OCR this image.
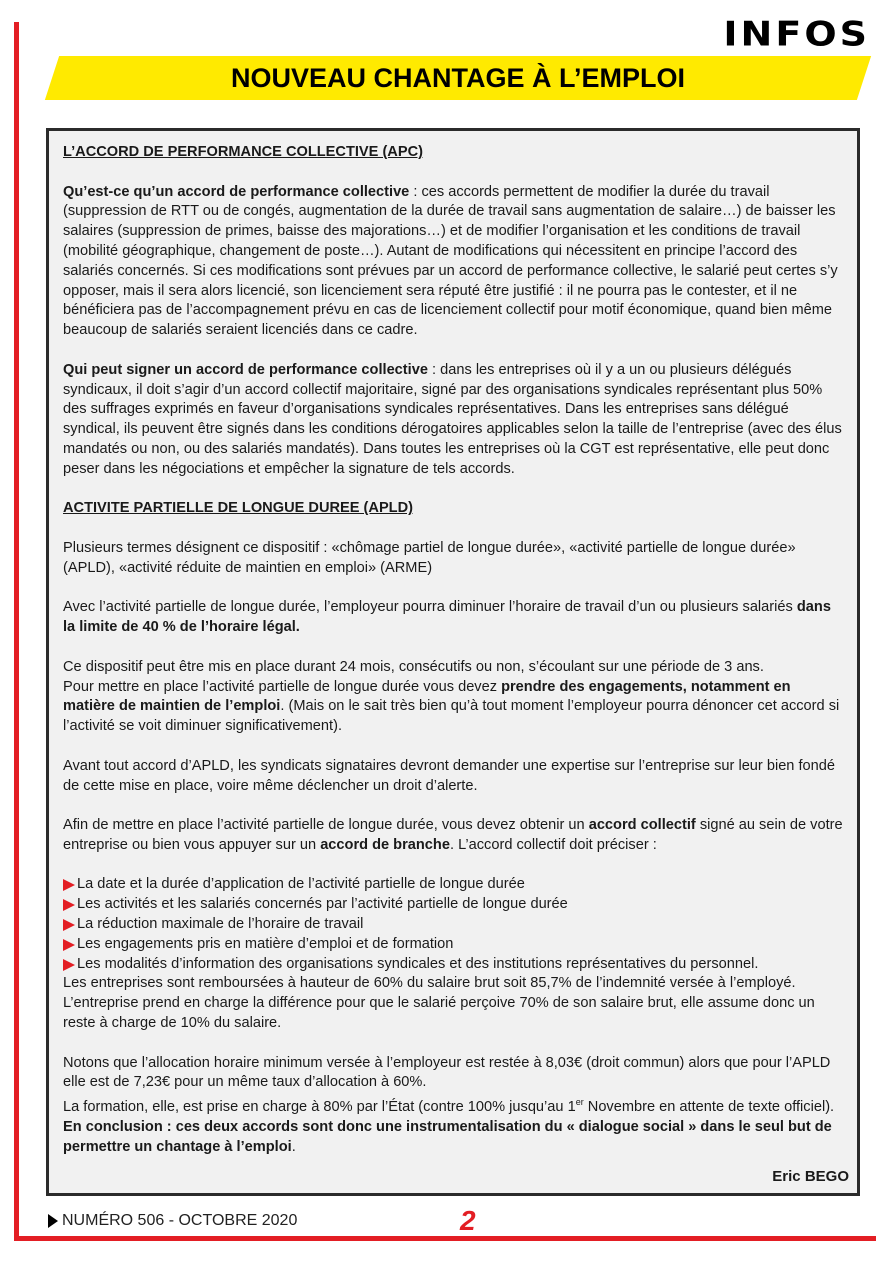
INFOS
NOUVEAU CHANTAGE À L’EMPLOI

L’ACCORD DE PERFORMANCE COLLECTIVE (APC)

Qu’est-ce qu’un accord de performance collective : ces accords permettent de modifier la durée du travail (suppression de RTT ou de congés, augmentation de la durée de travail sans augmentation de salaire…) de baisser les salaires (suppression de primes, baisse des majorations…) et de modifier l’organisation et les conditions de travail (mobilité géographique, changement de poste…). Autant de modifications qui nécessitent en principe l’accord des salariés concernés. Si ces modifications sont prévues par un accord de performance collective, le salarié peut certes s’y opposer, mais il sera alors licencié, son licenciement sera réputé être justifié : il ne pourra pas le contester, et il ne bénéficiera pas de l’accompagnement prévu en cas de licenciement collectif pour motif économique, quand bien même beaucoup de salariés seraient licenciés dans ce cadre.

Qui peut signer un accord de performance collective : dans les entreprises où il y a un ou plusieurs délégués syndicaux, il doit s’agir d’un accord collectif majoritaire, signé par des organisations syndicales représentant plus 50% des suffrages exprimés en faveur d’organisations syndicales représentatives. Dans les entreprises sans délégué syndical, ils peuvent être signés dans les conditions dérogatoires applicables selon la taille de l’entreprise (avec des élus mandatés ou non, ou des salariés mandatés). Dans toutes les entreprises où la CGT est représentative, elle peut donc peser dans les négociations et empêcher la signature de tels accords.

ACTIVITE PARTIELLE DE LONGUE DUREE (APLD)

Plusieurs termes désignent ce dispositif : «chômage partiel de longue durée», «activité partielle de longue durée» (APLD), «activité réduite de maintien en emploi» (ARME)

Avec l’activité partielle de longue durée, l’employeur pourra diminuer l’horaire de travail d’un ou plusieurs salariés dans la limite de 40 % de l’horaire légal.

Ce dispositif peut être mis en place durant 24 mois, consécutifs ou non, s’écoulant sur une période de 3 ans.

Pour mettre en place l’activité partielle de longue durée vous devez prendre des engagements, notamment en matière de maintien de l’emploi. (Mais on le sait très bien qu’à tout moment l’employeur pourra dénoncer cet accord si l’activité se voit diminuer significativement).

Avant tout accord d’APLD, les syndicats signataires devront demander une expertise sur l’entreprise sur leur bien fondé de cette mise en place, voire même déclencher un droit d’alerte.

Afin de mettre en place l’activité partielle de longue durée, vous devez obtenir un accord collectif signé au sein de votre entreprise ou bien vous appuyer sur un accord de branche. L’accord collectif doit préciser :

La date et la durée d’application de l’activité partielle de longue durée
Les activités et les salariés concernés par l’activité partielle de longue durée
La réduction maximale de l’horaire de travail
Les engagements pris en matière d’emploi et de formation
Les modalités d’information des organisations syndicales et des institutions représentatives du personnel.

Les entreprises sont remboursées à hauteur de 60% du salaire brut soit 85,7% de l’indemnité versée à l’employé. L’entreprise prend en charge la différence pour que le salarié perçoive 70% de son salaire brut, elle assume donc un reste à charge de 10% du salaire.

Notons que l’allocation horaire minimum versée à l’employeur est restée à 8,03€ (droit commun) alors que pour l’APLD elle est de 7,23€ pour un même taux d’allocation à 60%.

La formation, elle, est prise en charge à 80% par l’État (contre 100% jusqu’au 1er Novembre en attente de texte officiel).

En conclusion : ces deux accords sont donc une instrumentalisation du « dialogue social » dans le seul but de permettre un chantage à l’emploi.

Eric BEGO
NUMÉRO 506 - OCTOBRE 2020	2
